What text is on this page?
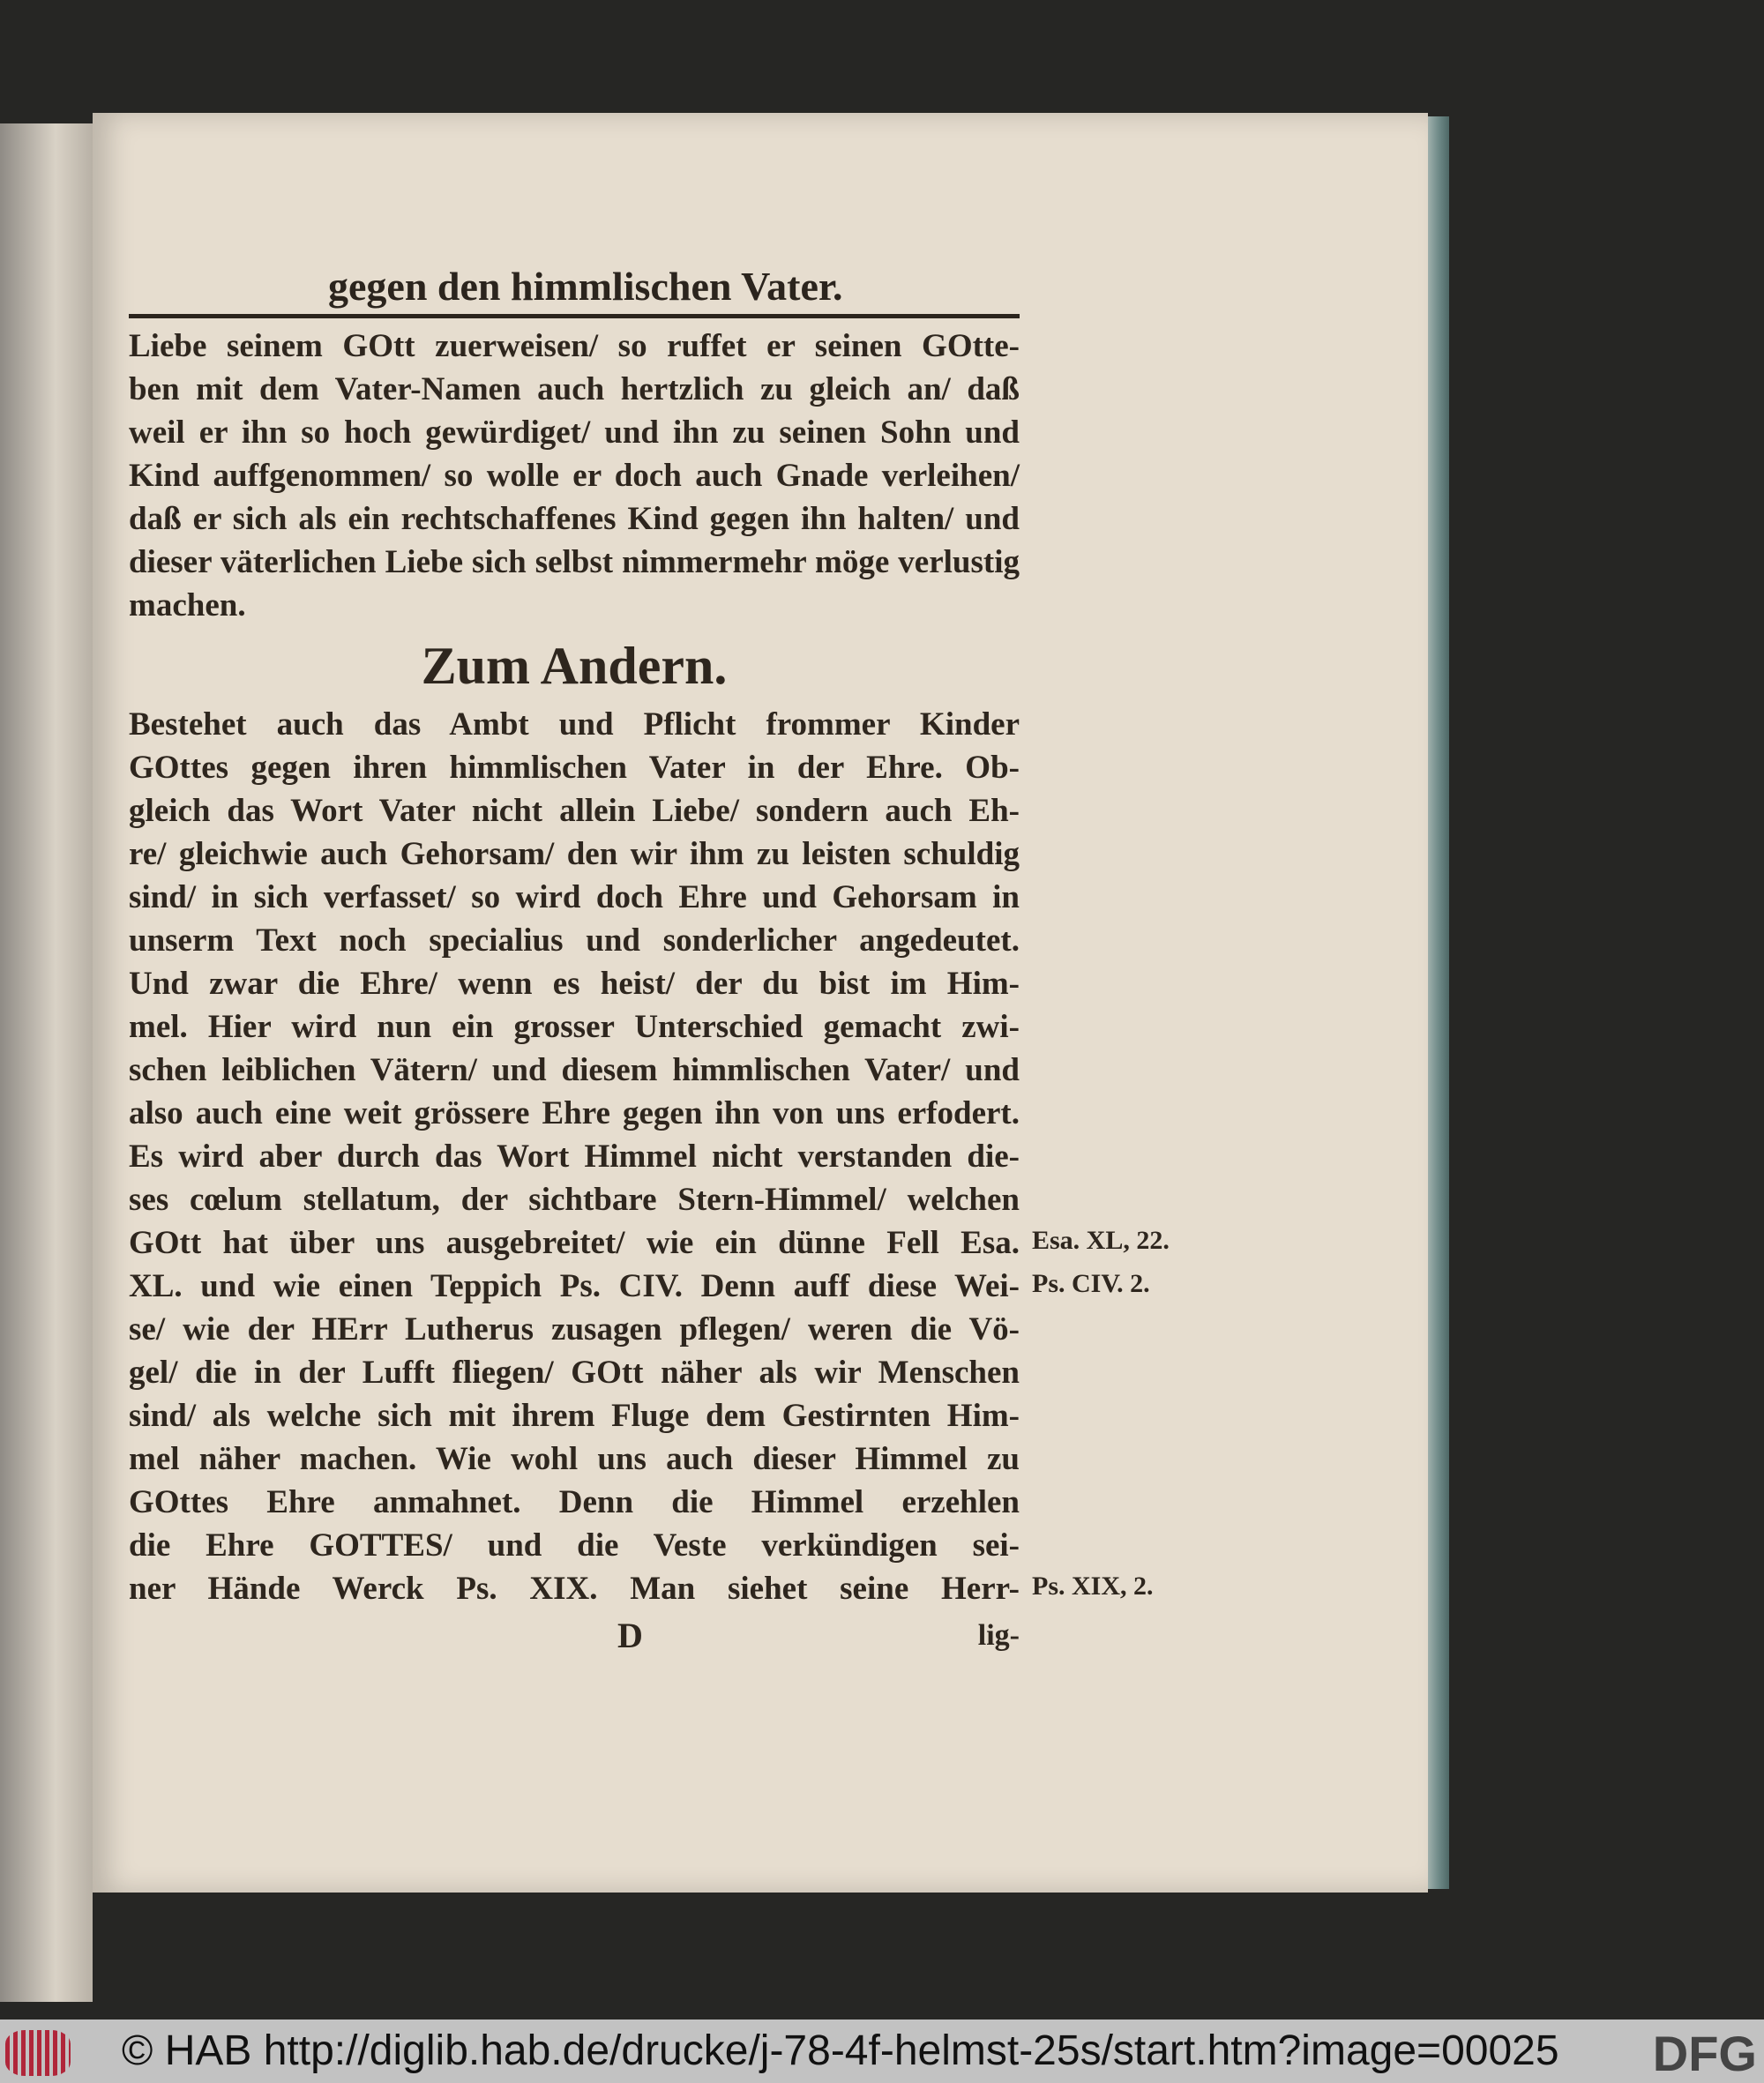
gegen den himmlischen Vater.
Liebe seinem GOtt zuerweisen/ so ruffet er seinen GOtte-
ben mit dem Vater-Namen auch hertzlich zu gleich an/ daß
weil er ihn so hoch gewürdiget/ und ihn zu seinen Sohn und
Kind auffgenommen/ so wolle er doch auch Gnade verleihen/
daß er sich als ein rechtschaffenes Kind gegen ihn halten/ und
dieser väterlichen Liebe sich selbst nimmermehr möge verlustig
machen.
Zum Andern.
Bestehet auch das Ambt und Pflicht frommer Kinder
GOttes gegen ihren himmlischen Vater in der Ehre. Ob-
gleich das Wort Vater nicht allein Liebe/ sondern auch Eh-
re/ gleichwie auch Gehorsam/ den wir ihm zu leisten schuldig
sind/ in sich verfasset/ so wird doch Ehre und Gehorsam in
unserm Text noch specialius und sonderlicher angedeutet.
Und zwar die Ehre/ wenn es heist/ der du bist im Him-
mel. Hier wird nun ein grosser Unterschied gemacht zwi-
schen leiblichen Vätern/ und diesem himmlischen Vater/ und
also auch eine weit grössere Ehre gegen ihn von uns erfodert.
Es wird aber durch das Wort Himmel nicht verstanden die-
ses cœlum stellatum, der sichtbare Stern-Himmel/ welchen
GOtt hat über uns ausgebreitet/ wie ein dünne Fell Esa. Esa. XL, 22.
XL. und wie einen Teppich Ps. CIV. Denn auff diese Wei- Ps. CIV. 2.
se/ wie der HErr Lutherus zusagen pflegen/ weren die Vö-
gel/ die in der Lufft fliegen/ GOtt näher als wir Menschen
sind/ als welche sich mit ihrem Fluge dem Gestirnten Him-
mel näher machen. Wie wohl uns auch dieser Himmel zu
GOttes Ehre anmahnet. Denn die Himmel erzehlen
die Ehre GOTTES/ und die Veste verkündigen sei-
ner Hände Werck Ps. XIX. Man siehet seine Herr- Ps. XIX, 2.
D	lig-
© HAB http://diglib.hab.de/drucke/j-78-4f-helmst-25s/start.htm?image=00025 DFG
